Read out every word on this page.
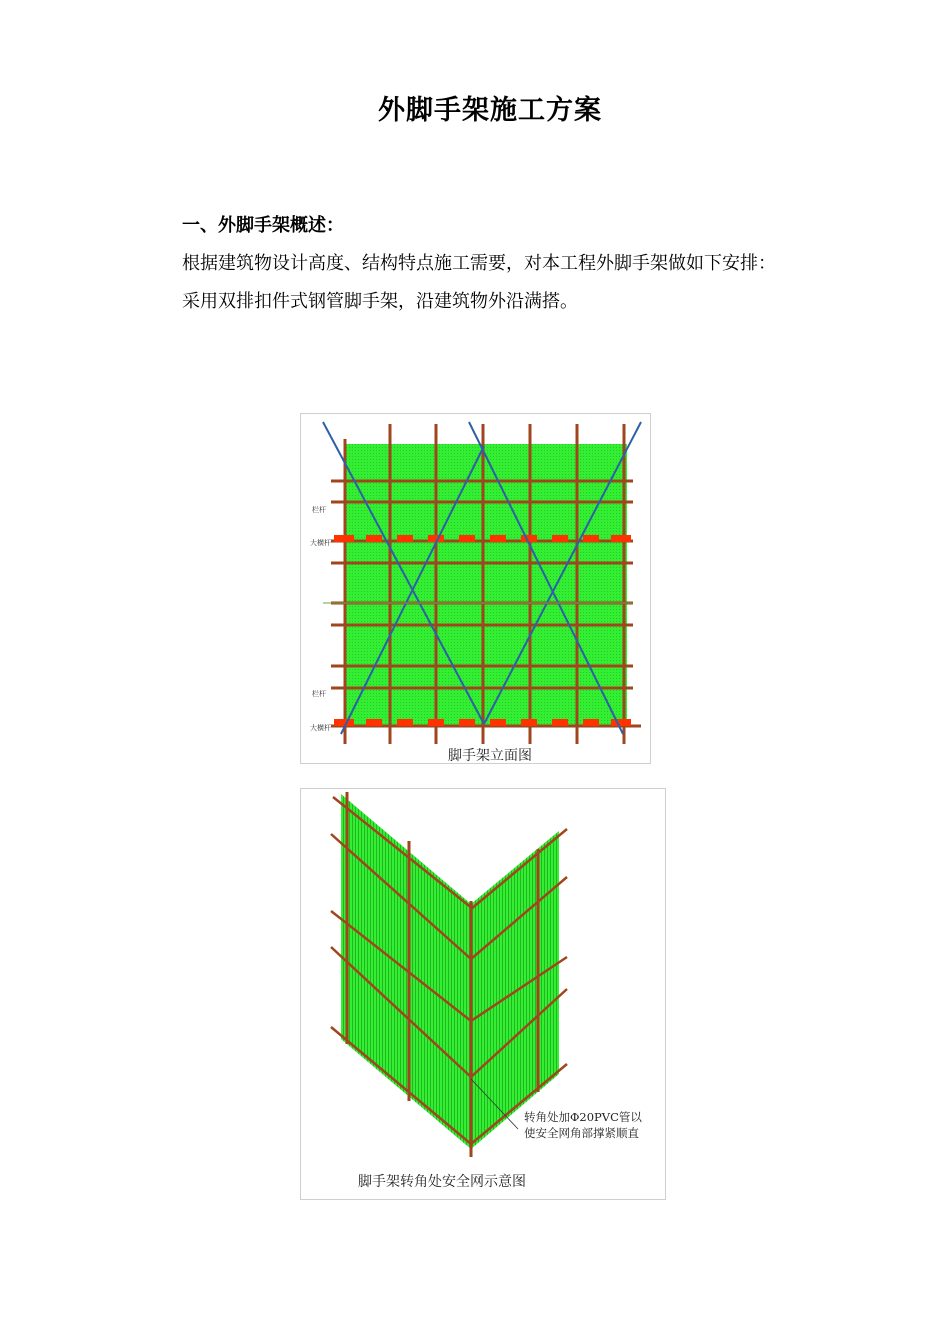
外脚手架施工方案
一、外脚手架概述：
根据建筑物设计高度、结构特点施工需要，对本工程外脚手架做如下安排：
采用双排扣件式钢管脚手架，沿建筑物外沿满搭。
栏杆
大横杆
栏杆
大横杆
脚手架立面图
转角处加Φ20PVC管以
使安全网角部撑紧顺直
脚手架转角处安全网示意图
